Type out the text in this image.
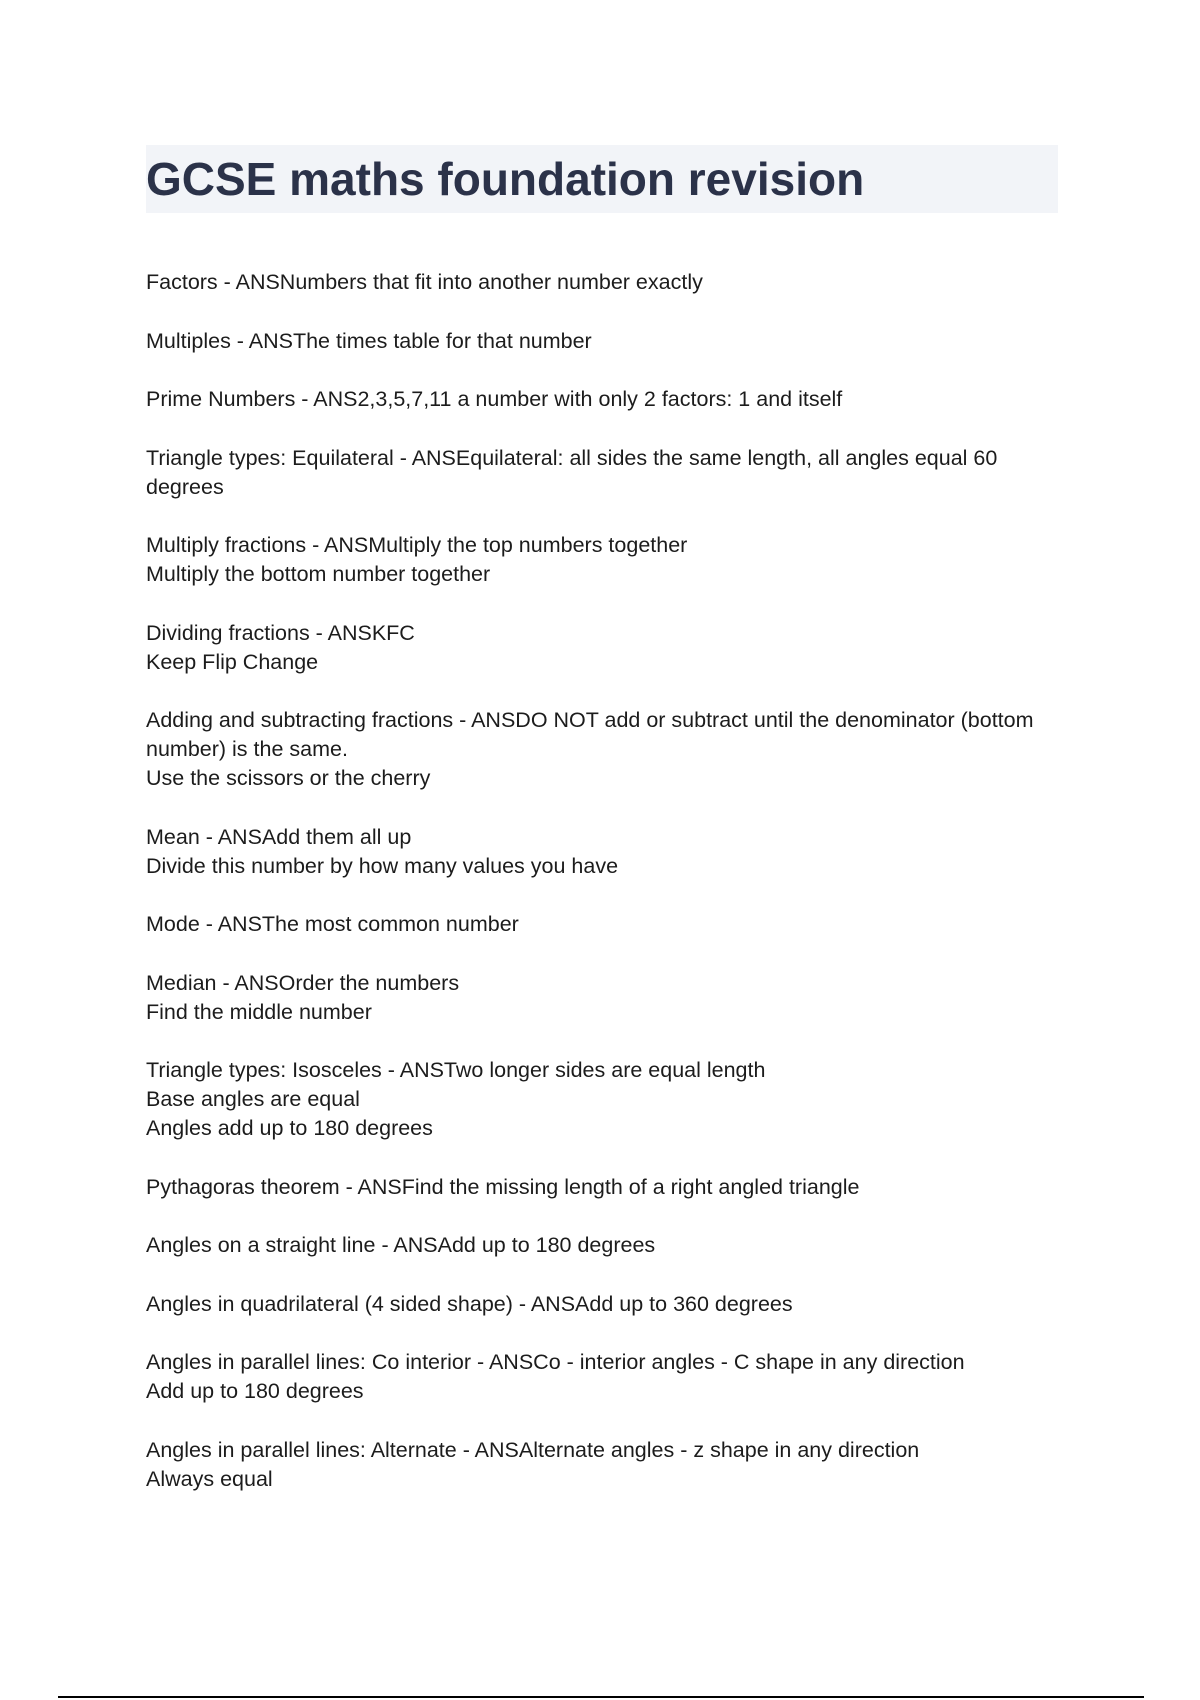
GCSE maths foundation revision
Factors - ANSNumbers that fit into another number exactly
Multiples - ANSThe times table for that number
Prime Numbers - ANS2,3,5,7,11 a number with only 2 factors: 1 and itself
Triangle types: Equilateral - ANSEquilateral: all sides the same length, all angles equal 60 degrees
Multiply fractions - ANSMultiply the top numbers together
Multiply the bottom number together
Dividing fractions - ANSKFC
Keep Flip Change
Adding and subtracting fractions - ANSDO NOT add or subtract until the denominator (bottom number) is the same.
Use the scissors or the cherry
Mean - ANSAdd them all up
Divide this number by how many values you have
Mode - ANSThe most common number
Median - ANSOrder the numbers
Find the middle number
Triangle types: Isosceles - ANSTwo longer sides are equal length
Base angles are equal
Angles add up to 180 degrees
Pythagoras theorem - ANSFind the missing length of a right angled triangle
Angles on a straight line - ANSAdd up to 180 degrees
Angles in quadrilateral (4 sided shape) - ANSAdd up to 360 degrees
Angles in parallel lines: Co interior - ANSCo - interior angles - C shape in any direction
Add up to 180 degrees
Angles in parallel lines: Alternate - ANSAlternate angles - z shape in any direction
Always equal
